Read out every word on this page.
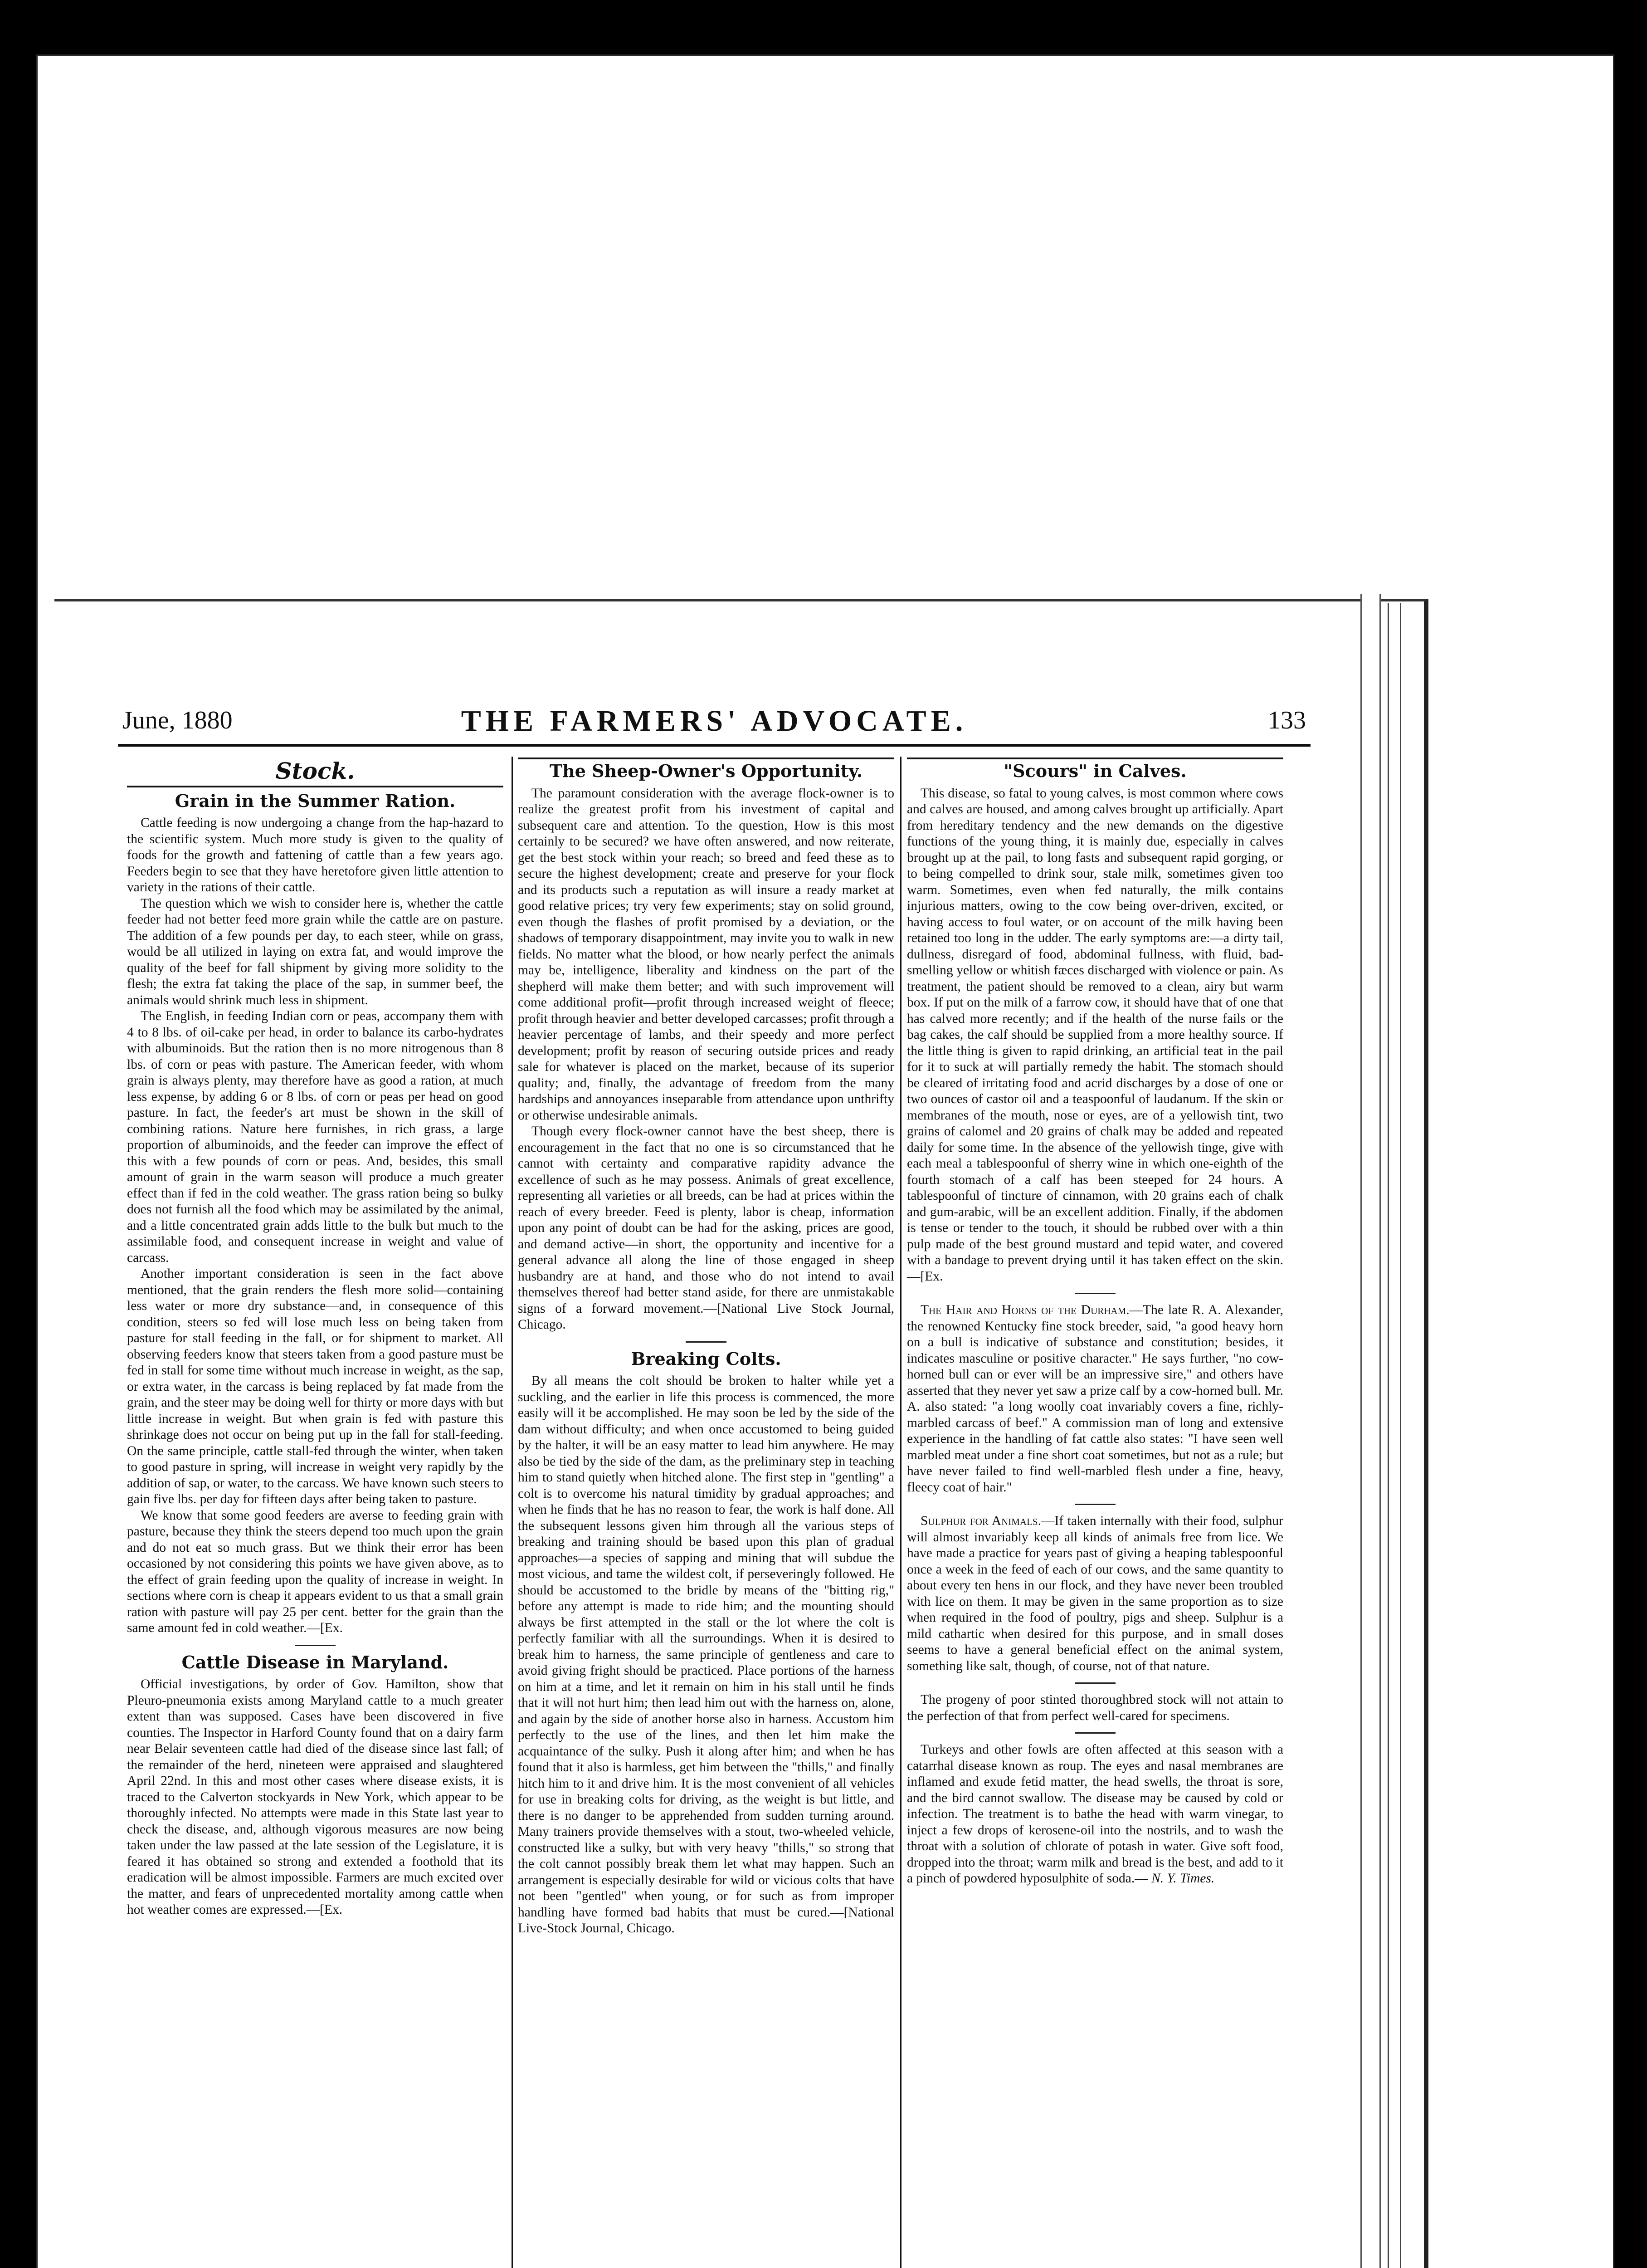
June, 1880	THE FARMERS' ADVOCATE.	133
Stock.
Grain in the Summer Ration.

Cattle feeding is now undergoing a change from the hap-hazard to the scientific system. Much more study is given to the quality of foods for the growth and fattening of cattle than a few years ago. Feeders begin to see that they have heretofore given little attention to variety in the rations of their cattle.

The question which we wish to consider here is, whether the cattle feeder had not better feed more grain while the cattle are on pasture. The addition of a few pounds per day, to each steer, while on grass, would be all utilized in laying on extra fat, and would improve the quality of the beef for fall shipment by giving more solidity to the flesh; the extra fat taking the place of the sap, in summer beef, the animals would shrink much less in shipment.

The English, in feeding Indian corn or peas, accompany them with 4 to 8 lbs. of oil-cake per head, in order to balance its carbo-hydrates with albuminoids. But the ration then is no more nitrogenous than 8 lbs. of corn or peas with pasture. The American feeder, with whom grain is always plenty, may therefore have as good a ration, at much less expense, by adding 6 or 8 lbs. of corn or peas per head on good pasture. In fact, the feeder's art must be shown in the skill of combining rations. Nature here furnishes, in rich grass, a large proportion of albuminoids, and the feeder can improve the effect of this with a few pounds of corn or peas. And, besides, this small amount of grain in the warm season will produce a much greater effect than if fed in the cold weather. The grass ration being so bulky does not furnish all the food which may be assimilated by the animal, and a little concentrated grain adds little to the bulk but much to the assimilable food, and consequent increase in weight and value of carcass.

Another important consideration is seen in the fact above mentioned, that the grain renders the flesh more solid—containing less water or more dry substance—and, in consequence of this condition, steers so fed will lose much less on being taken from pasture for stall feeding in the fall, or for shipment to market. All observing feeders know that steers taken from a good pasture must be fed in stall for some time without much increase in weight, as the sap, or extra water, in the carcass is being replaced by fat made from the grain, and the steer may be doing well for thirty or more days with but little increase in weight. But when grain is fed with pasture this shrinkage does not occur on being put up in the fall for stall-feeding. On the same principle, cattle stall-fed through the winter, when taken to good pasture in spring, will increase in weight very rapidly by the addition of sap, or water, to the carcass. We have known such steers to gain five lbs. per day for fifteen days after being taken to pasture.

We know that some good feeders are averse to feeding grain with pasture, because they think the steers depend too much upon the grain and do not eat so much grass. But we think their error has been occasioned by not considering this points we have given above, as to the effect of grain feeding upon the quality of increase in weight. In sections where corn is cheap it appears evident to us that a small grain ration with pasture will pay 25 per cent. better for the grain than the same amount fed in cold weather.—[Ex.

Cattle Disease in Maryland.

Official investigations, by order of Gov. Hamilton, show that Pleuro-pneumonia exists among Maryland cattle to a much greater extent than was supposed. Cases have been discovered in five counties. The Inspector in Harford County found that on a dairy farm near Belair seventeen cattle had died of the disease since last fall; of the remainder of the herd, nineteen were appraised and slaughtered April 22nd. In this and most other cases where disease exists, it is traced to the Calverton stockyards in New York, which appear to be thoroughly infected. No attempts were made in this State last year to check the disease, and, although vigorous measures are now being taken under the law passed at the late session of the Legislature, it is feared it has obtained so strong and extended a foothold that its eradication will be almost impossible. Farmers are much excited over the matter, and fears of unprecedented mortality among cattle when hot weather comes are expressed.—[Ex.

The Sheep-Owner's Opportunity.

The paramount consideration with the average flock-owner is to realize the greatest profit from his investment of capital and subsequent care and attention. To the question, How is this most certainly to be secured? we have often answered, and now reiterate, get the best stock within your reach; so breed and feed these as to secure the highest development; create and preserve for your flock and its products such a reputation as will insure a ready market at good relative prices; try very few experiments; stay on solid ground, even though the flashes of profit promised by a deviation, or the shadows of temporary disappointment, may invite you to walk in new fields. No matter what the blood, or how nearly perfect the animals may be, intelligence, liberality and kindness on the part of the shepherd will make them better; and with such improvement will come additional profit—profit through increased weight of fleece; profit through heavier and better developed carcasses; profit through a heavier percentage of lambs, and their speedy and more perfect development; profit by reason of securing outside prices and ready sale for whatever is placed on the market, because of its superior quality; and, finally, the advantage of freedom from the many hardships and annoyances inseparable from attendance upon unthrifty or otherwise undesirable animals.

Though every flock-owner cannot have the best sheep, there is encouragement in the fact that no one is so circumstanced that he cannot with certainty and comparative rapidity advance the excellence of such as he may possess. Animals of great excellence, representing all varieties or all breeds, can be had at prices within the reach of every breeder. Feed is plenty, labor is cheap, information upon any point of doubt can be had for the asking, prices are good, and demand active—in short, the opportunity and incentive for a general advance all along the line of those engaged in sheep husbandry are at hand, and those who do not intend to avail themselves thereof had better stand aside, for there are unmistakable signs of a forward movement.—[National Live Stock Journal, Chicago.

Breaking Colts.

By all means the colt should be broken to halter while yet a suckling, and the earlier in life this process is commenced, the more easily will it be accomplished. He may soon be led by the side of the dam without difficulty; and when once accustomed to being guided by the halter, it will be an easy matter to lead him anywhere. He may also be tied by the side of the dam, as the preliminary step in teaching him to stand quietly when hitched alone. The first step in "gentling" a colt is to overcome his natural timidity by gradual approaches; and when he finds that he has no reason to fear, the work is half done. All the subsequent lessons given him through all the various steps of breaking and training should be based upon this plan of gradual approaches—a species of sapping and mining that will subdue the most vicious, and tame the wildest colt, if perseveringly followed. He should be accustomed to the bridle by means of the "bitting rig," before any attempt is made to ride him; and the mounting should always be first attempted in the stall or the lot where the colt is perfectly familiar with all the surroundings. When it is desired to break him to harness, the same principle of gentleness and care to avoid giving fright should be practiced. Place portions of the harness on him at a time, and let it remain on him in his stall until he finds that it will not hurt him; then lead him out with the harness on, alone, and again by the side of another horse also in harness. Accustom him perfectly to the use of the lines, and then let him make the acquaintance of the sulky. Push it along after him; and when he has found that it also is harmless, get him between the "thills," and finally hitch him to it and drive him. It is the most convenient of all vehicles for use in breaking colts for driving, as the weight is but little, and there is no danger to be apprehended from sudden turning around. Many trainers provide themselves with a stout, two-wheeled vehicle, constructed like a sulky, but with very heavy "thills," so strong that the colt cannot possibly break them let what may happen. Such an arrangement is especially desirable for wild or vicious colts that have not been "gentled" when young, or for such as from improper handling have formed bad habits that must be cured.—[National Live-Stock Journal, Chicago.

"Scours" in Calves.

This disease, so fatal to young calves, is most common where cows and calves are housed, and among calves brought up artificially. Apart from hereditary tendency and the new demands on the digestive functions of the young thing, it is mainly due, especially in calves brought up at the pail, to long fasts and subsequent rapid gorging, or to being compelled to drink sour, stale milk, sometimes given too warm. Sometimes, even when fed naturally, the milk contains injurious matters, owing to the cow being over-driven, excited, or having access to foul water, or on account of the milk having been retained too long in the udder. The early symptoms are:—a dirty tail, dullness, disregard of food, abdominal fullness, with fluid, bad-smelling yellow or whitish fæces discharged with violence or pain. As treatment, the patient should be removed to a clean, airy but warm box. If put on the milk of a farrow cow, it should have that of one that has calved more recently; and if the health of the nurse fails or the bag cakes, the calf should be supplied from a more healthy source. If the little thing is given to rapid drinking, an artificial teat in the pail for it to suck at will partially remedy the habit. The stomach should be cleared of irritating food and acrid discharges by a dose of one or two ounces of castor oil and a teaspoonful of laudanum. If the skin or membranes of the mouth, nose or eyes, are of a yellowish tint, two grains of calomel and 20 grains of chalk may be added and repeated daily for some time. In the absence of the yellowish tinge, give with each meal a tablespoonful of sherry wine in which one-eighth of the fourth stomach of a calf has been steeped for 24 hours. A tablespoonful of tincture of cinnamon, with 20 grains each of chalk and gum-arabic, will be an excellent addition. Finally, if the abdomen is tense or tender to the touch, it should be rubbed over with a thin pulp made of the best ground mustard and tepid water, and covered with a bandage to prevent drying until it has taken effect on the skin.—[Ex.

The Hair and Horns of the Durham.—The late R. A. Alexander, the renowned Kentucky fine stock breeder, said, "a good heavy horn on a bull is indicative of substance and constitution; besides, it indicates masculine or positive character." He says further, "no cow-horned bull can or ever will be an impressive sire," and others have asserted that they never yet saw a prize calf by a cow-horned bull. Mr. A. also stated: "a long woolly coat invariably covers a fine, richly-marbled carcass of beef." A commission man of long and extensive experience in the handling of fat cattle also states: "I have seen well marbled meat under a fine short coat sometimes, but not as a rule; but have never failed to find well-marbled flesh under a fine, heavy, fleecy coat of hair."

Sulphur for Animals.—If taken internally with their food, sulphur will almost invariably keep all kinds of animals free from lice. We have made a practice for years past of giving a heaping tablespoonful once a week in the feed of each of our cows, and the same quantity to about every ten hens in our flock, and they have never been troubled with lice on them. It may be given in the same proportion as to size when required in the food of poultry, pigs and sheep. Sulphur is a mild cathartic when desired for this purpose, and in small doses seems to have a general beneficial effect on the animal system, something like salt, though, of course, not of that nature.

The progeny of poor stinted thoroughbred stock will not attain to the perfection of that from perfect well-cared for specimens.

Turkeys and other fowls are often affected at this season with a catarrhal disease known as roup. The eyes and nasal membranes are inflamed and exude fetid matter, the head swells, the throat is sore, and the bird cannot swallow. The disease may be caused by cold or infection. The treatment is to bathe the head with warm vinegar, to inject a few drops of kerosene-oil into the nostrils, and to wash the throat with a solution of chlorate of potash in water. Give soft food, dropped into the throat; warm milk and bread is the best, and add to it a pinch of powdered hyposulphite of soda.— N. Y. Times.
